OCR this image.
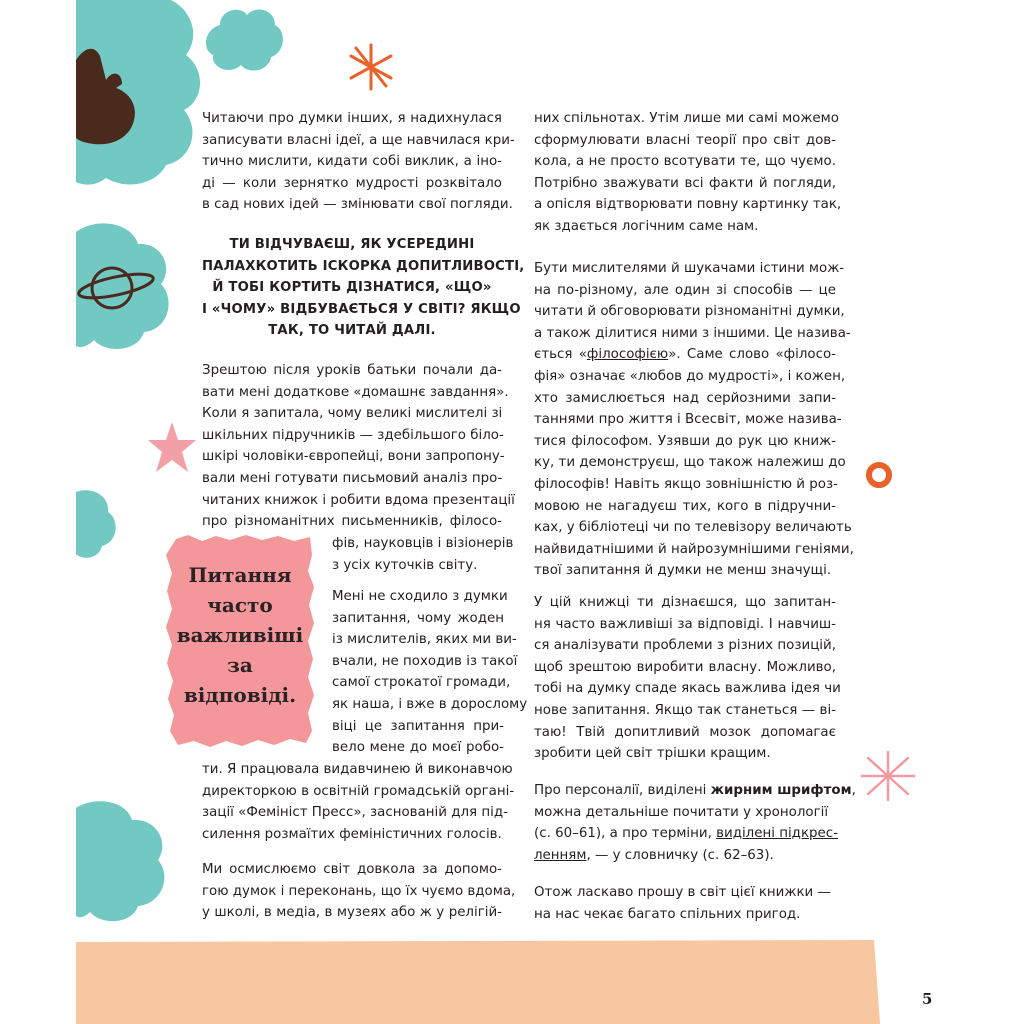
Читаючи про думки інших, я надихнулася
записувати власні ідеї, а ще навчилася кри-
тично мислити, кидати собі виклик, а іно-
ді — коли зернятко мудрості розквітало
в сад нових ідей — змінювати свої погляди.
ТИ ВІДЧУВАЄШ, ЯК УСЕРЕДИНІ
ПАЛАХКОТИТЬ ІСКОРКА ДОПИТЛИВОСТІ,
Й ТОБІ КОРТИТЬ ДІЗНАТИСЯ, «ЩО»
І «ЧОМУ» ВІДБУВАЄТЬСЯ У СВІТІ? ЯКЩО
ТАК, ТО ЧИТАЙ ДАЛІ.
Зрештою після уроків батьки почали да-
вати мені додаткове «домашнє завдання».
Коли я запитала, чому великі мислителі зі
шкільних підручників — здебільшого біло-
шкірі чоловіки-європейці, вони запропону-
вали мені готувати письмовий аналіз про-
читаних книжок і робити вдома презентації
про різноманітних письменників, філосо-
фів, науковців і візіонерів
з усіх куточків світу.
Питання
часто
важливіші
за
відповіді.
Мені не сходило з думки
запитання, чому жоден
із мислителів, яких ми ви-
вчали, не походив із такої
самої строкатої громади,
як наша, і вже в дорослому
віці це запитання при-
вело мене до моєї робо-
ти. Я працювала видавчинею й виконавчою
директоркою в освітній громадській органі-
зації «Фемініст Пресс», заснованій для під-
силення розмаїтих феміністичних голосів.
Ми осмислюємо світ довкола за допомо-
гою думок і переконань, що їх чуємо вдома,
у школі, в медіа, в музеях або ж у релігій-
них спільнотах. Утім лише ми самі можемо
сформулювати власні теорії про світ дов-
кола, а не просто всотувати те, що чуємо.
Потрібно зважувати всі факти й погляди,
а опісля відтворювати повну картинку так,
як здається логічним саме нам.
Бути мислителями й шукачами істини мож-
на по-різному, але один зі способів — це
читати й обговорювати різноманітні думки,
а також ділитися ними з іншими. Це назива-
ється «філософією». Саме слово «філосо-
фія» означає «любов до мудрості», і кожен,
хто замислюється над серйозними запи-
таннями про життя і Всесвіт, може називa-
тися філософом. Узявши до рук цю книж-
ку, ти демонструєш, що також належиш до
філософів! Навіть якщо зовнішністю й роз-
мовою не нагадуєш тих, кого в підручни-
ках, у бібліотеці чи по телевізору величають
найвидатнішими й найрозумнішими геніями,
твої запитання й думки не менш значущі.
У цій книжці ти дізнаєшся, що запитан-
ня часто важливіші за відповіді. І навчиш-
ся аналізувати проблеми з різних позицій,
щоб зрештою виробити власну. Можливо,
тобі на думку спаде якась важлива ідея чи
нове запитання. Якщо так станеться — ві-
таю! Твій допитливий мозок допомагає
зробити цей світ трішки кращим.
Про персоналії, виділені жирним шрифтом,
можна детальніше почитати у хронології
(с. 60–61), а про терміни, виділені підкрес-
ленням, — у словничку (с. 62–63).
Отож ласкаво прошу в світ цієї книжки —
на нас чекає багато спільних пригод.
5
